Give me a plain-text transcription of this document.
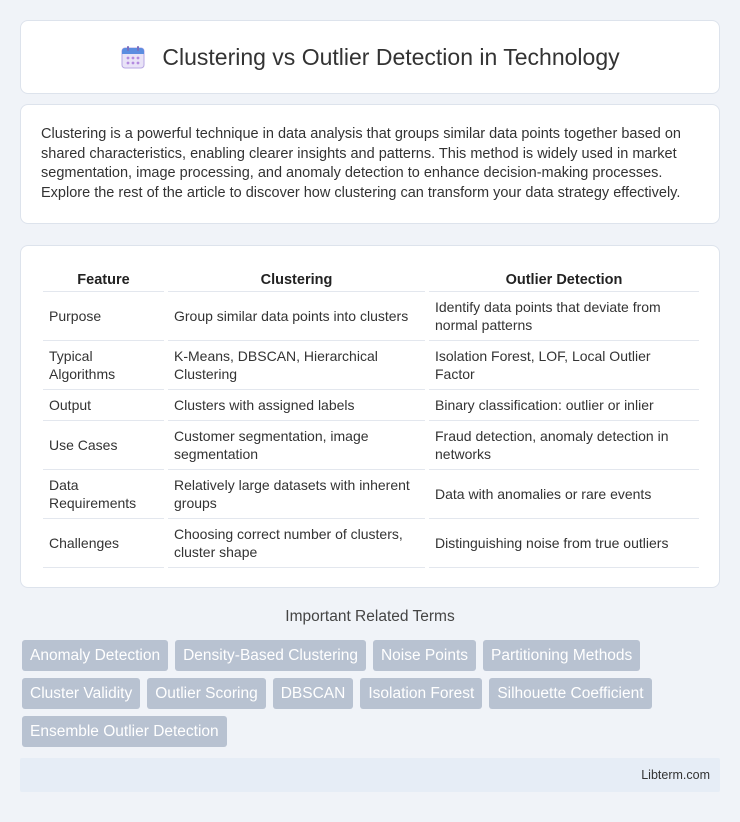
Clustering vs Outlier Detection in Technology

Clustering is a powerful technique in data analysis that groups similar data points together based on shared characteristics, enabling clearer insights and patterns. This method is widely used in market segmentation, image processing, and anomaly detection to enhance decision-making processes. Explore the rest of the article to discover how clustering can transform your data strategy effectively.

Feature		Clustering		Outlier Detection
Purpose		Group similar data points into clusters		Identify data points that deviate from normal patterns
Typical Algorithms		K-Means, DBSCAN, Hierarchical Clustering		Isolation Forest, LOF, Local Outlier Factor
Output		Clusters with assigned labels		Binary classification: outlier or inlier
Use Cases		Customer segmentation, image segmentation		Fraud detection, anomaly detection in networks
Data Requirements		Relatively large datasets with inherent groups		Data with anomalies or rare events
Challenges		Choosing correct number of clusters, cluster shape		Distinguishing noise from true outliers
Important Related Terms
Anomaly Detection	Density-Based Clustering	Noise Points	Partitioning Methods
Cluster Validity	Outlier Scoring	DBSCAN	Isolation Forest	Silhouette Coefficient
Ensemble Outlier Detection
Libterm.com
